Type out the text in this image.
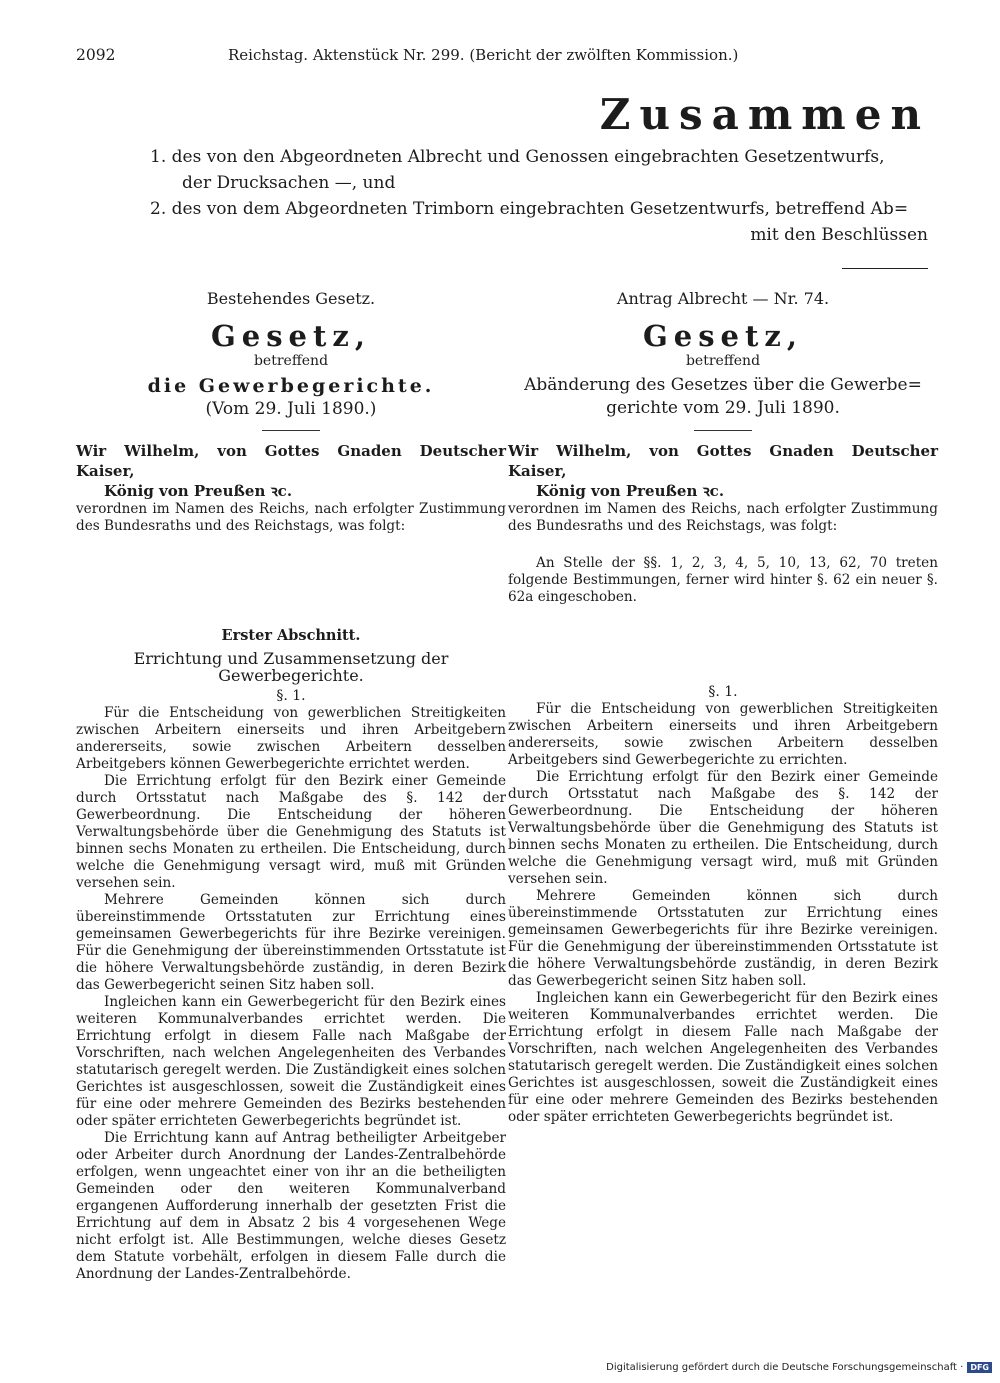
2092	Reichstag. Aktenstück Nr. 299. (Bericht der zwölften Kommission.)
Zusammen

1. des von den Abgeordneten Albrecht und Genossen eingebrachten Gesetzentwurfs,

der Drucksachen —, und

2. des von dem Abgeordneten Trimborn eingebrachten Gesetzentwurfs, betreffend Ab=

mit den Beschlüssen

Bestehendes Gesetz.
Gesetz,
betreffend
die Gewerbegerichte.
(Vom 29. Juli 1890.)
Wir Wilhelm, von Gottes Gnaden Deutscher Kaiser,
König von Preußen ꝛc.

verordnen im Namen des Reichs, nach erfolgter Zustimmung des Bundesraths und des Reichstags, was folgt:

Erster Abschnitt.
Errichtung und Zusammensetzung der Gewerbegerichte.
§. 1.

Für die Entscheidung von gewerblichen Streitigkeiten zwischen Arbeitern einerseits und ihren Arbeitgebern andererseits, sowie zwischen Arbeitern desselben Arbeitgebers können Gewerbegerichte errichtet werden.

Die Errichtung erfolgt für den Bezirk einer Gemeinde durch Ortsstatut nach Maßgabe des §. 142 der Gewerbeordnung. Die Entscheidung der höheren Verwaltungsbehörde über die Genehmigung des Statuts ist binnen sechs Monaten zu ertheilen. Die Entscheidung, durch welche die Genehmigung versagt wird, muß mit Gründen versehen sein.

Mehrere Gemeinden können sich durch übereinstimmende Ortsstatuten zur Errichtung eines gemeinsamen Gewerbegerichts für ihre Bezirke vereinigen. Für die Genehmigung der übereinstimmenden Ortsstatute ist die höhere Verwaltungsbehörde zuständig, in deren Bezirk das Gewerbegericht seinen Sitz haben soll.

Ingleichen kann ein Gewerbegericht für den Bezirk eines weiteren Kommunalverbandes errichtet werden. Die Errichtung erfolgt in diesem Falle nach Maßgabe der Vorschriften, nach welchen Angelegenheiten des Verbandes statutarisch geregelt werden. Die Zuständigkeit eines solchen Gerichtes ist ausgeschlossen, soweit die Zuständigkeit eines für eine oder mehrere Gemeinden des Bezirks bestehenden oder später errichteten Gewerbegerichts begründet ist.

Die Errichtung kann auf Antrag betheiligter Arbeitgeber oder Arbeiter durch Anordnung der Landes-Zentralbehörde erfolgen, wenn ungeachtet einer von ihr an die betheiligten Gemeinden oder den weiteren Kommunalverband ergangenen Aufforderung innerhalb der gesetzten Frist die Errichtung auf dem in Absatz 2 bis 4 vorgesehenen Wege nicht erfolgt ist. Alle Bestimmungen, welche dieses Gesetz dem Statute vorbehält, erfolgen in diesem Falle durch die Anordnung der Landes-Zentralbehörde.

Antrag Albrecht — Nr. 74.
Gesetz,
betreffend
Abänderung des Gesetzes über die Gewerbe=
gerichte vom 29. Juli 1890.
Wir Wilhelm, von Gottes Gnaden Deutscher Kaiser,
König von Preußen ꝛc.

verordnen im Namen des Reichs, nach erfolgter Zustimmung des Bundesraths und des Reichstags, was folgt:

An Stelle der §§. 1, 2, 3, 4, 5, 10, 13, 62, 70 treten folgende Bestimmungen, ferner wird hinter §. 62 ein neuer §. 62a eingeschoben.

§. 1.

Für die Entscheidung von gewerblichen Streitigkeiten zwischen Arbeitern einerseits und ihren Arbeitgebern andererseits, sowie zwischen Arbeitern desselben Arbeitgebers sind Gewerbegerichte zu errichten.

Die Errichtung erfolgt für den Bezirk einer Gemeinde durch Ortsstatut nach Maßgabe des §. 142 der Gewerbeordnung. Die Entscheidung der höheren Verwaltungsbehörde über die Genehmigung des Statuts ist binnen sechs Monaten zu ertheilen. Die Entscheidung, durch welche die Genehmigung versagt wird, muß mit Gründen versehen sein.

Mehrere Gemeinden können sich durch übereinstimmende Ortsstatuten zur Errichtung eines gemeinsamen Gewerbegerichts für ihre Bezirke vereinigen. Für die Genehmigung der übereinstimmenden Ortsstatute ist die höhere Verwaltungsbehörde zuständig, in deren Bezirk das Gewerbegericht seinen Sitz haben soll.

Ingleichen kann ein Gewerbegericht für den Bezirk eines weiteren Kommunalverbandes errichtet werden. Die Errichtung erfolgt in diesem Falle nach Maßgabe der Vorschriften, nach welchen Angelegenheiten des Verbandes statutarisch geregelt werden. Die Zuständigkeit eines solchen Gerichtes ist ausgeschlossen, soweit die Zuständigkeit eines für eine oder mehrere Gemeinden des Bezirks bestehenden oder später errichteten Gewerbegerichts begründet ist.

Digitalisierung gefördert durch die Deutsche Forschungsgemeinschaft · DFG
